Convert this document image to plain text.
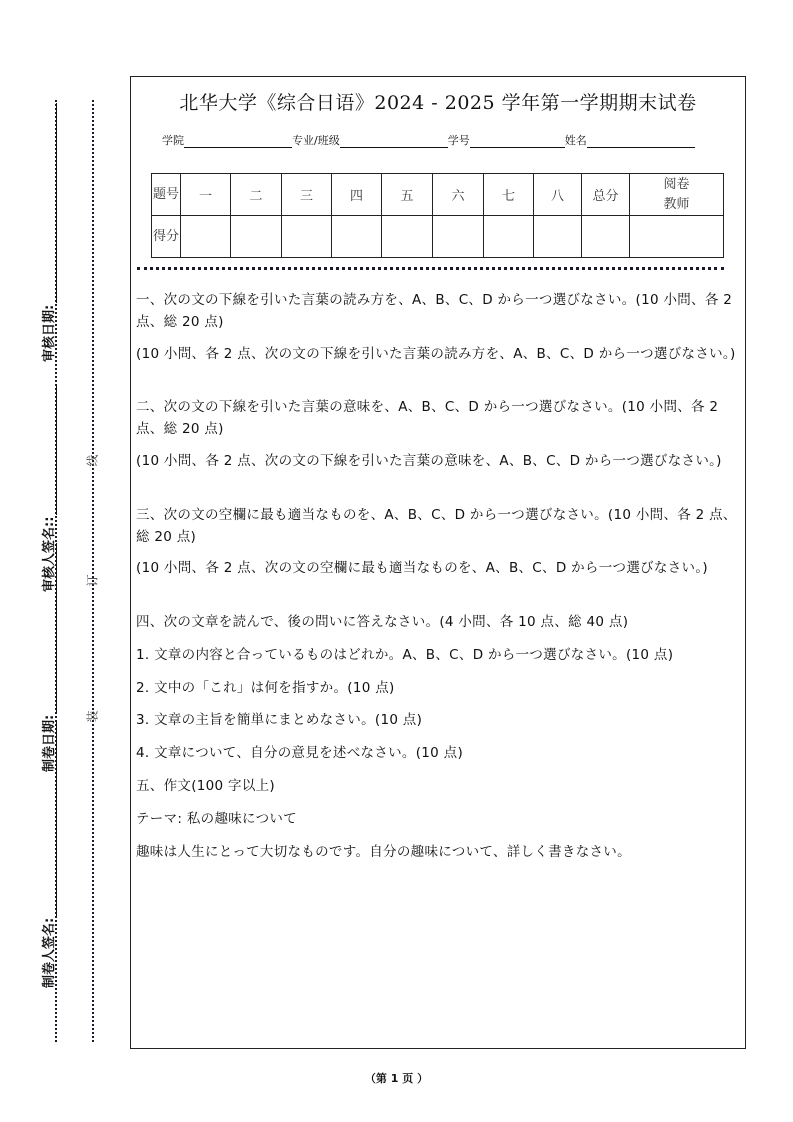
审核日期:
审核人签名::
制卷日期:
制卷人签名:
线
订
装
北华大学《综合日语》2024 - 2025 学年第一学期期末试卷
学院	专业/班级	学号	姓名
题号	一	二	三	四	五	六	七	八	总分	阅卷教师
得分										
一、次の文の下線を引いた言葉の読み方を、A、B、C、D から一つ選びなさい。(10 小問、各 2 点、総 20 点)
(10 小問、各 2 点、次の文の下線を引いた言葉の読み方を、A、B、C、D から一つ選びなさい。)
二、次の文の下線を引いた言葉の意味を、A、B、C、D から一つ選びなさい。(10 小問、各 2 点、総 20 点)
(10 小問、各 2 点、次の文の下線を引いた言葉の意味を、A、B、C、D から一つ選びなさい。)
三、次の文の空欄に最も適当なものを、A、B、C、D から一つ選びなさい。(10 小問、各 2 点、総 20 点)
(10 小問、各 2 点、次の文の空欄に最も適当なものを、A、B、C、D から一つ選びなさい。)
四、次の文章を読んで、後の問いに答えなさい。(4 小問、各 10 点、総 40 点)
1. 文章の内容と合っているものはどれか。A、B、C、D から一つ選びなさい。(10 点)
2. 文中の「これ」は何を指すか。(10 点)
3. 文章の主旨を簡単にまとめなさい。(10 点)
4. 文章について、自分の意見を述べなさい。(10 点)
五、作文(100 字以上)
テーマ: 私の趣味について
趣味は人生にとって大切なものです。自分の趣味について、詳しく書きなさい。
（第 1 页 ）
